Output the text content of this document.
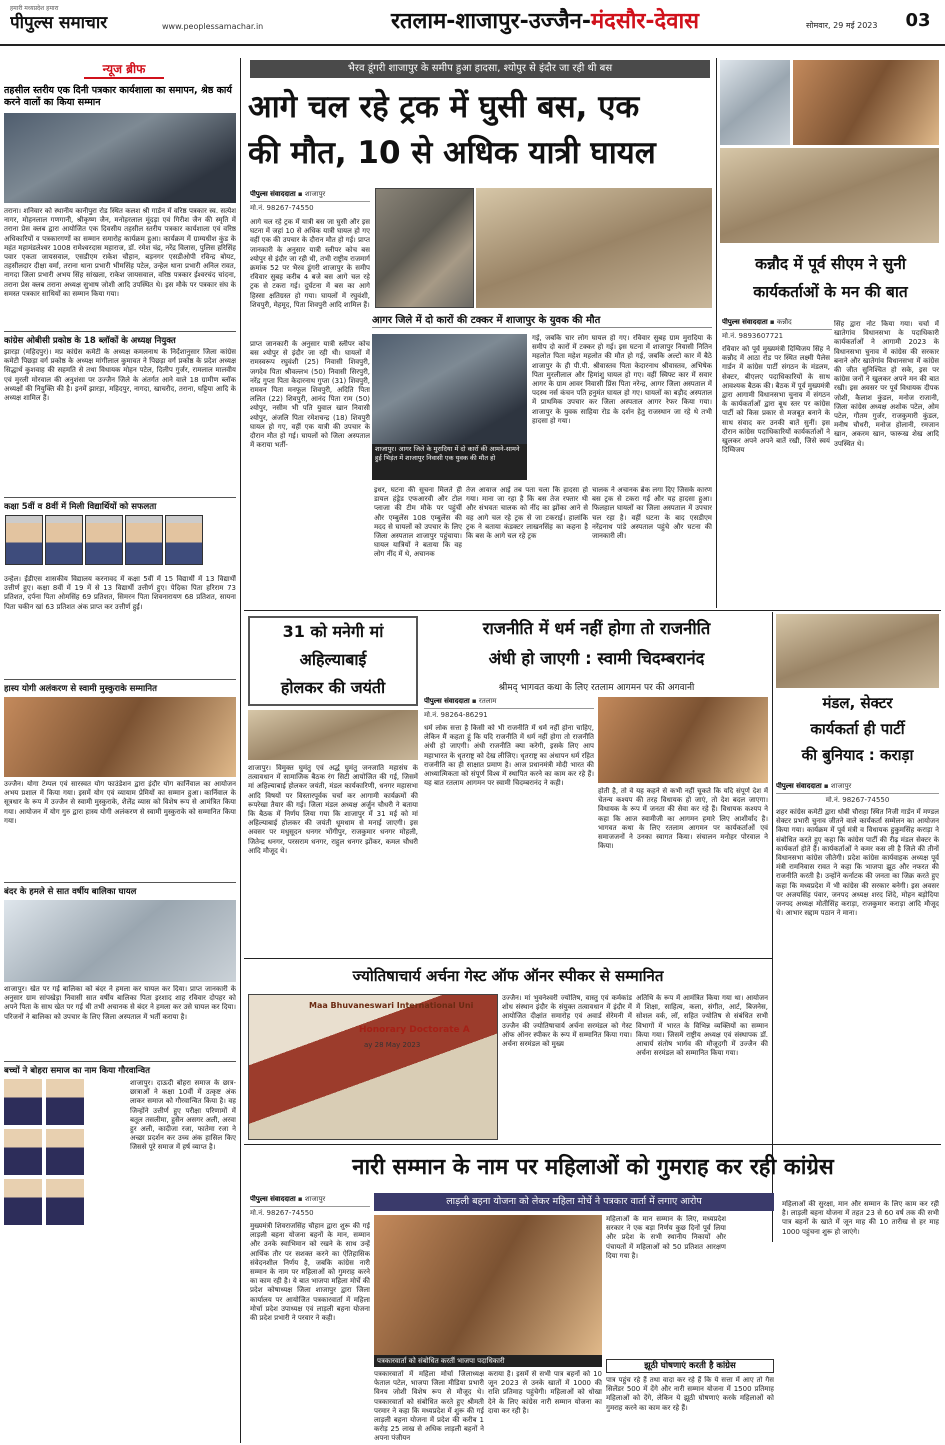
हमारी मध्यप्रदेश हमारा
पीपुल्स समाचार	www.peoplessamachar.in	रतलाम-शाजापुर-उज्जैन-मंदसौर-देवास	सोमवार, 29 मई 2023	03
न्यूज ब्रीफ
तहसील स्तरीय एक दिनी पत्रकार कार्यशाला का समापन, श्रेष्ठ कार्य करने वालों का किया सम्मान
तराना। शनिवार को स्थानीय कानीपुरा रोड स्थित कलश श्री गार्डन में वरिष्ठ पत्रकार स्व. सत्येश नागर, मोहनलाल गणगानी, श्रीकृष्ण जैन, मनोहरलाल मूंदड़ा एवं गिरीश जैन की स्मृति में तराना प्रेस क्लब द्वारा आयोजित एक दिवसीय तहसील स्तरीय पत्रकार कार्यशाला एवं वरिष्ठ अधिकारियों व पत्रकारगणों का सम्मान समारोह कार्यक्रम हुआ। कार्यक्रम में ग्राम्यधीश कुंड के महंत महामंडलेश्वर 1008 रामेश्वरदास महाराज, डॉ. रमेश चंद्र, नरेंद्र विलास, पुलिस हरिसिंह पवार एकता जायसवाल, एसडीएम राकेश चौहान, बड़नगर एसडीओपी रविन्द्र बोयट, तहसीलदार दीक्षा वर्मा, तराना थाना प्रभारी भीमसिंह पटेल, उन्हेल थाना प्रभारी अनिल रावत, नागदा जिला प्रभारी अभय सिंह सांखला, राकेश जायसवाल, वरिष्ठ पत्रकार ईश्वरचंद चांदना, तराना प्रेस क्लब तराना अध्यक्ष सुभाष जोशी आदि उपस्थित थे। इस मौके पर पत्रकार संघ के समस्त पत्रकार साथियों का सम्मान किया गया।
कांग्रेस ओबीसी प्रकोष्ठ के 18 ब्लॉकों के अध्यक्ष नियुक्त
झारड़ा (महिदपुर)। मप्र कांग्रेस कमेटी के अध्यक्ष कमलनाथ के निर्देशानुसार जिला कांग्रेस कमेटी पिछड़ा वर्ग प्रकोष्ठ के अध्यक्ष मांगीलाल कुमावत ने पिछड़ा वर्ग प्रकोष्ठ के प्रदेश अध्यक्ष सिद्धार्थ कुशवाह की सहमति से तथा विधायक मोहन पटेल, दिलीप गुर्जर, रामलाल मालवीय एवं मुरली मोरवाल की अनुशंसा पर उज्जैन जिले के अंतर्गत आने वाले 18 ग्रामीण ब्लॉक अध्यक्षों की नियुक्ति की है। इनमें झारड़ा, महिदपुर, नागदा, खाचरौद, तराना, घट्टिया आदि के अध्यक्ष शामिल हैं।
कक्षा 5वीं व 8वीं में मिली विद्यार्थियों को सफलता
उन्हेल। ईंडीएस शासकीय विद्यालय करनावद में कक्षा 5वीं में 15 विद्यार्थी में 13 विद्यार्थी उत्तीर्ण हुए। कक्षा 8वीं में 19 में से 13 विद्यार्थी उत्तीर्ण हुए। पेदिका पिता हरिराम 73 प्रतिशत, दर्पना पिता ओमसिंह 69 प्रतिशत, सिमरन पिता शिवनारायण 68 प्रतिशत, सायना पिता चकीन खां 63 प्रतिशत अंक प्राप्त कर उत्तीर्ण हुईं।
हास्य योगी अलंकरण से स्वामी मुस्कुराके सम्मानित
उज्जैन। योगा टेम्पल एवं सारस्वत योग फाउंडेशन द्वारा इंदौर योग कार्निवाल का आयोजन अभय प्रशाल में किया गया। इसमें योग एवं व्यायाम प्रेमियों का सम्मान हुआ। कार्निवाल के सूत्रधार के रूप में उज्जैन से स्वामी मुस्कुराके, शैलेंद्र व्यास को विशेष रूप से आमंत्रित किया गया। आयोजन में योग गुरु द्वारा हास्य योगी अलंकरण से स्वामी मुस्कुराके को सम्मानित किया गया।
बंदर के हमले से सात वर्षीय बालिका घायल
शाजापुर। खेत पर गई बालिका को बंदर ने हमला कर घायल कर दिया। प्राप्त जानकारी के अनुसार ग्राम सांपखेड़ा निवासी सात वर्षीय बालिका पिता इरशाद शाह रविवार दोपहर को अपने पिता के साथ खेत पर गई थी तभी अचानक से बंदर ने हमला कर उसे घायल कर दिया। परिजनों ने बालिका को उपचार के लिए जिला अस्पताल में भर्ती कराया है।
बच्चों ने बोहरा समाज का नाम किया गौरवान्वित
शाजापुर। दाऊदी बोहरा समाज के छात्र-छात्राओं ने कक्षा 10वीं में उत्कृष्ट अंक लाकर समाज को गौरवान्वित किया है। वह जिन्होंने उत्तीर्ण हुए परीक्षा परिणामों में बतूल तसलीमा, हुसैन असगर अली, अरवा हुर अली, कादीजा रजा, फातेमा रजा ने अच्छा प्रदर्शन कर उच्च अंक हासिल किए जिससे पूरे समाज में हर्ष व्याप्त है।
भैरव डूंगरी शाजापुर के समीप हुआ हादसा, श्योपुर से इंदौर जा रही थी बस
आगे चल रहे ट्रक में घुसी बस, एक
की मौत, 10 से अधिक यात्री घायल
पीपुल्स संवाददाता ▪ शाजापुर
मो.नं. 98267-74550
आगे चल रहे ट्रक में यात्री बस जा घुसी और इस घटना में जहां 10 से अधिक यात्री घायल हो गए वहीं एक की उपचार के दौरान मौत हो गई। प्राप्त जानकारी के अनुसार यात्री स्लीपर कोच बस श्योपुर से इंदौर जा रही थी, तभी राष्ट्रीय राजमार्ग क्रमांक 52 पर भैरव डूंगरी शाजापुर के समीप रविवार सुबह करीब 4 बजे बस आगे चल रहे ट्रक से टकरा गई। दुर्घटना में बस का आगे हिस्सा क्षतिग्रस्त हो गया। घायलों में रघुवंशी, शिवपुरी, मेहमूद, पिता शिवपुरी आदि शामिल हैं।
प्राप्त जानकारी के अनुसार यात्री स्लीपर कोच बस श्योपुर से इंदौर जा रही थी। घायलों में रामस्वरूप रघुवंशी (25) निवासी शिवपुरी, जगदेव पिता श्रीवल्लभ (50) निवासी सिरपुरी, नरेंद्र गुप्ता पिता केदारनाथ गुप्ता (31) शिवपुरी, रामवन पिता मनफूल शिवपुरी, अदिति पिता ललित (22) शिवपुरी, आनंद पिता राम (50) श्योपुर, नसीम भी पति युवाल खान निवासी श्योपुर, अंजलि पिता रमेशचन्द्र (18) शिवपुरी घायल हो गए, वहीं एक यात्री की उपचार के दौरान मौत हो गई। घायलों को जिला अस्पताल में कराया भर्ती-
आगर जिले में दो कारों की टक्कर में शाजापुर के युवक की मौत
शाजापुर। आगर जिले के मुरादिया में दो कारों की आमने-सामने हुई भिड़ंत में शाजापुर निवासी एक युवक की मौत हो
गई, जबकि चार लोग घायल हो गए। रविवार सुबह ग्राम मुरादिया के समीप दो कारों में टक्कर हो गई। इस घटना में शाजापुर निवासी नितिन महलोत पिता महेश महलोत की मौत हो गई, जबकि अल्टो कार में बैठे शाजापुर के ही पी.पी. श्रीवास्तव पिता केदारनाथ श्रीवास्तव, अभिषेक पिता मुरलीलाल और हिमांशु घायल हो गए। वहीं स्विफ्ट कार में सवार आगर के ग्राम आवर निवासी प्रिंस पिता नरेन्द्र, आगर जिला अस्पताल में पदस्थ नर्स कंचन पति हनुमंत घायल हो गए। घायलों का बड़ौद अस्पताल में प्राथमिक उपचार कर जिला अस्पताल आगर रेफर किया गया। शाजापुर के युवक साहिया रोड के दर्शन हेतु राजस्थान जा रहे थे तभी हादसा हो गया।
इधर, घटना की सूचना मिलते ही डायल हंड्रेड एफआरवी और टोल प्लाजा की टीम मौके पर पहुंचीं और एम्बुलेंस 108 एम्बुलेंस की मदद से घायलों को उपचार के लिए जिला अस्पताल शाजापुर पहुंचाया। घायल यात्रियों ने बताया कि वह लोग नींद में थे, अचानक
तेज आवाज आई तब पता चला कि हादसा हो गया। माना जा रहा है कि बस तेज रफ्तार थी और संभवतः चालक को नींद का झोंका आने से वह आगे चल रहे ट्रक से जा टकराई। हालांकि ट्रक ने बताया कंडक्टर लाखनसिंह का कहना है कि बस के आगे चल रहे ट्रक
चालक ने अचानक ब्रेक लगा दिए जिसके कारण बस ट्रक से टकरा गई और यह हादसा हुआ। फिलहाल घायलों का जिला अस्पताल में उपचार चल रहा है। वहीं घटना के बाद एसडीएम नरेंद्रनाथ पांडे अस्पताल पहुंचे और घटना की जानकारी ली।
कन्नौद में पूर्व सीएम ने सुनी
कार्यकर्ताओं के मन की बात
पीपुल्स संवाददाता ▪ कन्नौद
मो.नं. 9893607721
रविवार को पूर्व मुख्यमंत्री दिग्विजय सिंह ने कन्नौद में आठा रोड पर स्थित लक्ष्मी पैलेस गार्डन में कांग्रेस पार्टी संगठन के मंडलम, सेक्टर, बीएलए पदाधिकारियों के साथ आवश्यक बैठक की। बैठक में पूर्व मुख्यमंत्री द्वारा आगामी विधानसभा चुनाव में संगठन के कार्यकर्ताओं द्वारा बूथ स्तर पर कांग्रेस पार्टी को किस प्रकार से मजबूत बनाने के साथ संवाद कर उनकी बातें सुनीं। इस दौरान कांग्रेस पदाधिकारियों कार्यकर्ताओं ने खुलकर अपने अपने बातें रखी, जिसे स्वयं दिग्विजय
सिंह द्वारा नोट किया गया। चर्चा में खातेगांव विधानसभा के पदाधिकारी कार्यकर्ताओं ने आगामी 2023 के विधानसभा चुनाव में कांग्रेस की सरकार बनाने और खातेगांव विधानसभा में कांग्रेस की जीत सुनिश्चित हो सके, इस पर कांग्रेस जनों ने खुलकर अपने मन की बात रखी। इस अवसर पर पूर्व विधायक दीपक जोशी, कैलाश कुंडल, मनोज राजानी, जिला कांग्रेस अध्यक्ष अशोक पटेल, ओम पटेल, गौतम गुर्जर, राजकुमारी कुंडल, मनीष चौधरी, मनोज होलानी, रमजान खान, अकरम खान, फारूख शेख आदि उपस्थित थे।
31 को मनेगी मां
अहिल्याबाई
होलकर की जयंती
शाजापुर। विमुक्त घुमंतु एवं अर्द्ध घुमंतु जनजाति महासंघ के तत्वावधान में सामाजिक बैठक रंग सिटी आयोजित की गई, जिसमें मां अहिल्याबाई होलकर जयंती, मंडल कार्यकारिणी, धनगर महासभा आदि विषयों पर विस्तारपूर्वक चर्चा कर आगामी कार्यक्रमों की रूपरेखा तैयार की गई। जिला मंडल अध्यक्ष अर्जुन चौधरी ने बताया कि बैठक में निर्णय लिया गया कि शाजापुर में 31 मई को मां अहिल्याबाई होलकर की जयंती धूमधाम से मनाई जाएगी। इस अवसर पर मधुसूदन धनगर भोंगीपुर, राजकुमार धनगर मोहली, जितेन्द्र धनगर, परसराम धनगर, राहुल धनगर झोंकर, कमल चौधरी आदि मौजूद थे।
राजनीति में धर्म नहीं होगा तो राजनीति
अंधी हो जाएगी : स्वामी चिदम्बरानंद
श्रीमद् भागवत कथा के लिए रतलाम आगमन पर की अगवानी
पीपुल्स संवाददाता ▪ रतलाम
मो.नं. 98264-86291
धर्म लोक सत्ता है किसी को भी राजनीति में धर्म नहीं होना चाहिए, लेकिन मैं कहता हूं कि यदि राजनीति में धर्म नहीं होगा तो राजनीति अंधी हो जाएगी। अंधी राजनीति क्या करेगी, इसके लिए आप महाभारत के धृतराष्ट्र को देख लीजिए। धृतराष्ट्र का अंधापन धर्म रहित राजनीति का ही साक्षात प्रमाण है। आज प्रधानमंत्री मोदी भारत की आध्यात्मिकता को संपूर्ण विश्व में स्थापित करने का काम कर रहे हैं। यह बात रतलाम आगमन पर स्वामी चिदम्बरानंद ने कही।
होती है, तो वे यह कहने से कभी नहीं चूकते कि यदि संपूर्ण देश में चेतन्य कश्यप की तरह विधायक हो जाएं, तो देश बदल जाएगा। विधायक के रूप में जनता की सेवा कर रहे हैं। विधायक कश्यप ने कहा कि आज स्वामीजी का आगमन हमारे लिए आशीर्वाद है। भागवत कथा के लिए रतलाम आगमन पर कार्यकर्ताओं एवं समाजजनों ने उनका स्वागत किया। संचालन मनोहर पोरवाल ने किया।
मंडल, सेक्टर
कार्यकर्ता ही पार्टी
की बुनियाद : कराड़ा
पीपुल्स संवाददाता ▪ शाजापुर
मो.नं. 98267-74550
शहर कांग्रेस कमेटी द्वारा धोबी चौराहा स्थित निजी गार्डन में मण्डल सेक्टर प्रभारी चुनाव जीतने वाले कार्यकर्ता सम्मेलन का आयोजन किया गया। कार्यक्रम में पूर्व मंत्री व विधायक हुकुमसिंह कराड़ा ने संबोधित करते हुए कहा कि कांग्रेस पार्टी की रीढ़ मंडल सेक्टर के कार्यकर्ता होते हैं। कार्यकर्ताओं ने कमर कस ली है जिले की तीनों विधानसभा कांग्रेस जीतेगी। प्रदेश कांग्रेस कार्यवाहक अध्यक्ष पूर्व मंत्री रामनिवास रावत ने कहा कि भाजपा झूठ और नफरत की राजनीति करती है। उन्होंने कर्नाटक की जनता का जिक्र करते हुए कहा कि मध्यप्रदेश में भी कांग्रेस की सरकार बनेगी। इस अवसर पर अजयसिंह पंवार, जनपद अध्यक्ष शरद शिंदे, मोहन बड़ोदिया जनपद अध्यक्ष मोतीसिंह कराड़ा, राजकुमार कराड़ा आदि मौजूद थे। आभार सद्दाम पठान ने माना।
ज्योतिषाचार्य अर्चना गेस्ट ऑफ ऑनर स्पीकर से सम्मानित
Maa Bhuvaneswari International Uni
Honorary Doctorate A
ay 28 May 2023
उज्जैन। मां भुवनेश्वरी ज्योतिष, वास्तु एवं कर्मकांड शोध संस्थान इंदौर के संयुक्त तत्वावधान में इंदौर में आयोजित दीक्षांत समारोह एवं अवार्ड सेरेमनी में उज्जैन की ज्योतिषाचार्य अर्चना सरमंडल को गेस्ट ऑफ ऑनर स्पीकर के रूप में सम्मानित किया गया। अर्चना सरमंडल को मुख्य
अतिथि के रूप में आमंत्रित किया गया था। आयोजन में शिक्षा, साहित्य, कला, संगीत, आर्ट, बिजनेस, सोशल वर्क, लॉ, सहित ज्योतिष से संबंधित सभी विभागों में भारत के विभिन्न व्यक्तियों का सम्मान किया गया। जिसमें राष्ट्रीय अध्यक्ष एवं संस्थापक डॉ. आचार्य संतोष भार्गव की मौजूदगी में उज्जैन की अर्चना सरमंडल को सम्मानित किया गया।
नारी सम्मान के नाम पर महिलाओं को गुमराह कर रही कांग्रेस
पीपुल्स संवाददाता ▪ शाजापुर
मो.नं. 98267-74550
लाड़ली बहना योजना को लेकर महिला मोर्चे ने पत्रकार वार्ता में लगाए आरोप
मुख्यमंत्री शिवराजसिंह चौहान द्वारा शुरू की गई लाड़ली बहना योजना बहनों के मान, सम्मान और उनके स्वाभिमान को रखने के साथ उन्हें आर्थिक तौर पर सशक्त करने का ऐतिहासिक संवेदनशील निर्णय है, जबकि कांग्रेस नारी सम्मान के नाम पर महिलाओं को गुमराह करने का काम रही है। ये बात भाजपा महिला मोर्चे की प्रदेश कोषाध्यक्ष जिला शाजापुर द्वारा जिला कार्यालय पर आयोजित पत्रकारवार्ता में महिला मोर्चा प्रदेश उपाध्यक्ष एवं लाड़ली बहना योजना की प्रदेश प्रभारी ने परवार ने कही।
पत्रकारवार्ता को संबोधित करतीं भाजपा पदाधिकारी
पत्रकारवार्ता में महिला मोर्चा जिलाध्यक्ष फेताल पटेल, भाजपा जिला मीडिया प्रभारी विनय जोशी विशेष रूप से मौजूद थे। पत्रकारवार्ता को संबोधित करते हुए श्रीमती परमार ने कहा कि मध्यप्रदेश में शुरू की गई लाड़ली बहना योजना में प्रदेश की करीब 1 करोड़ 25 लाख से अधिक लाड़ली बहनों ने अपना पंजीयन
कराया है। इसमें से सभी पात्र बहनों को 10 जून 2023 से उनके खातों में 1000 की राशि प्रतिमाह पहुंचेगी। महिलाओं को धोखा देने के लिए कांग्रेस नारी सम्मान योजना का दावा कर रही है।
महिलाओं के मान सम्मान के लिए, मध्यप्रदेश सरकार ने एक बड़ा निर्णय कुछ दिनों पूर्व लिया और प्रदेश के सभी स्थानीय निकायों और पंचायतों में महिलाओं को 50 प्रतिशत आरक्षण दिया गया है।
झूठी घोषणाएं करती है कांग्रेस
पात्र पहुंच रहे हैं तथा वादा कर रहे हैं कि ये सत्ता में आए तो गैस सिलेंडर 500 में देंगे और नारी सम्मान योजना में 1500 प्रतिमाह महिलाओं को देंगे, लेकिन ये झूठी घोषणाएं करके महिलाओं को गुमराह करने का काम कर रहे हैं।
महिलाओं की सुरक्षा, मान और सम्मान के लिए काम कर रही है। लाड़ली बहना योजना में तहत 23 से 60 वर्ष तक की सभी पात्र बहनों के खाते में जून माह की 10 तारीख से हर माह 1000 पहुंचना शुरू हो जाएंगे।
